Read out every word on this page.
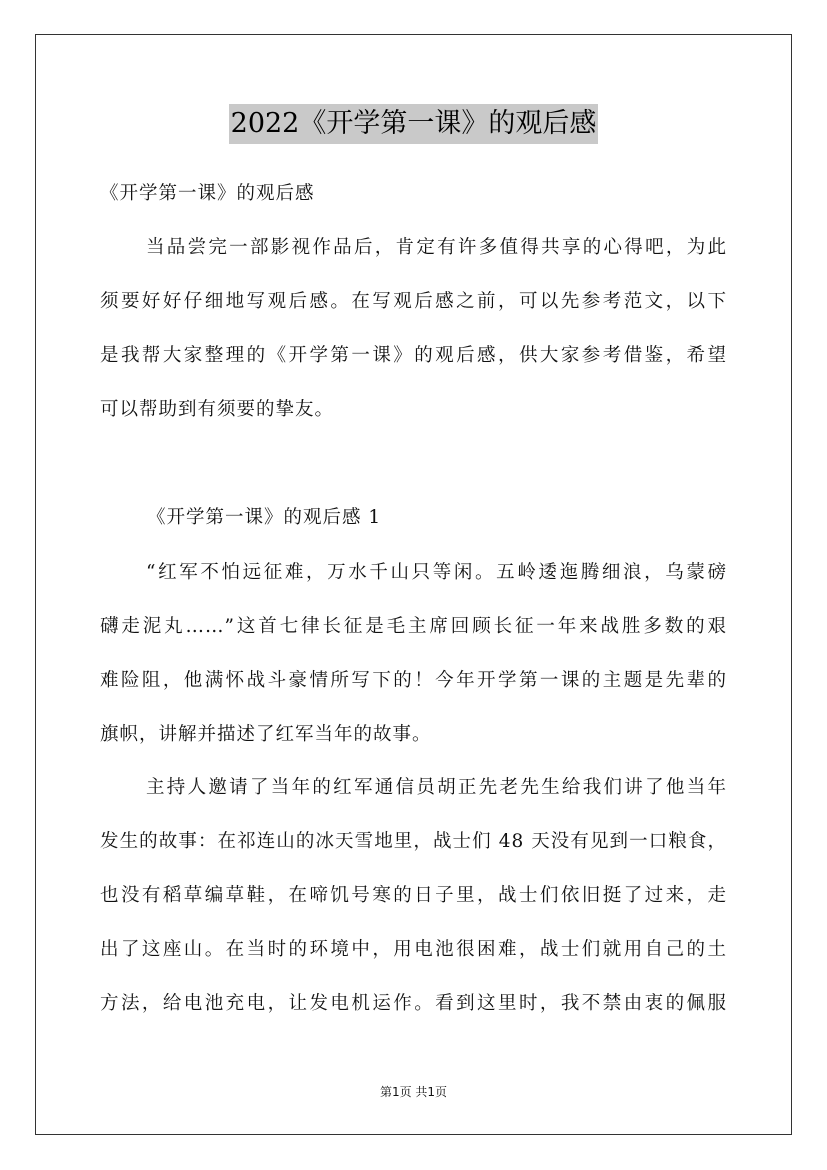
2022《开学第一课》的观后感

《开学第一课》的观后感

当品尝完一部影视作品后，肯定有许多值得共享的心得吧，为此
须要好好仔细地写观后感。在写观后感之前，可以先参考范文，以下
是我帮大家整理的《开学第一课》的观后感，供大家参考借鉴，希望
可以帮助到有须要的挚友。

《开学第一课》的观后感 1

“红军不怕远征难，万水千山只等闲。五岭逶迤腾细浪，乌蒙磅
礴走泥丸……”这首七律长征是毛主席回顾长征一年来战胜多数的艰
难险阻，他满怀战斗豪情所写下的！今年开学第一课的主题是先辈的
旗帜，讲解并描述了红军当年的故事。
主持人邀请了当年的红军通信员胡正先老先生给我们讲了他当年
发生的故事：在祁连山的冰天雪地里，战士们 48 天没有见到一口粮食，
也没有稻草编草鞋，在啼饥号寒的日子里，战士们依旧挺了过来，走
出了这座山。在当时的环境中，用电池很困难，战士们就用自己的土
方法，给电池充电，让发电机运作。看到这里时，我不禁由衷的佩服
第1页 共1页
